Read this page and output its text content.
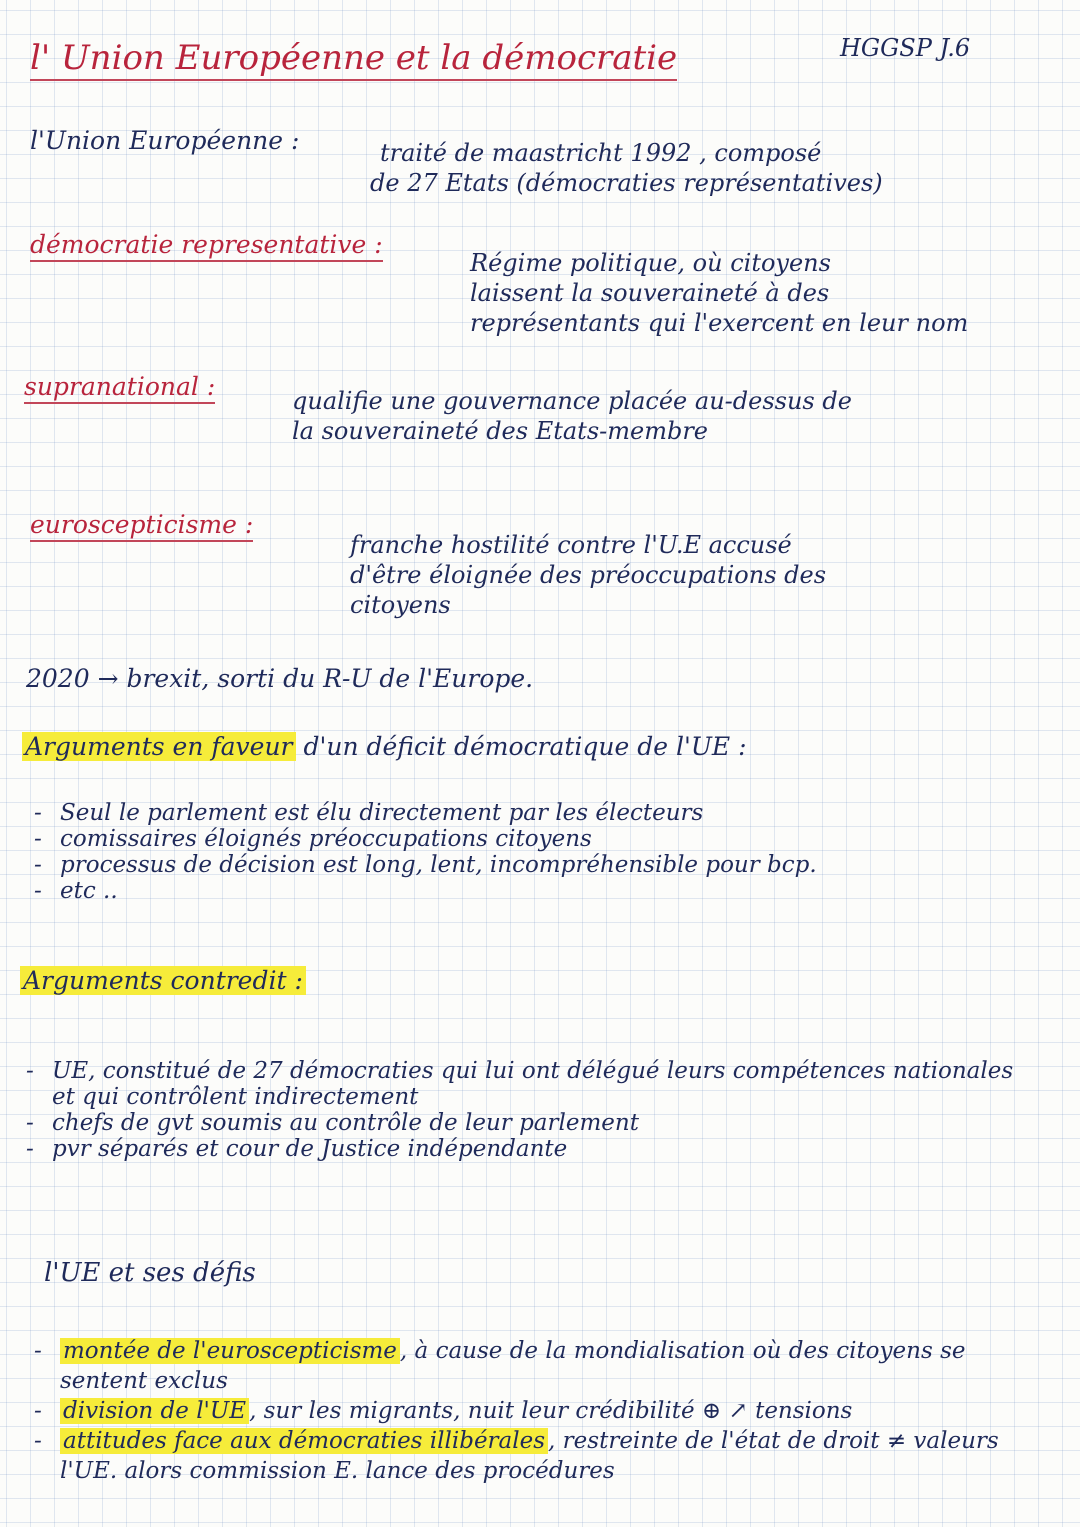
l' Union Européenne et la démocratie	HGGSP J.6
l'Union Européenne :	traité de maastricht 1992 , composé
de 27 Etats (démocraties représentatives)
démocratie representative :
Régime politique, où citoyens
laissent la souveraineté à des
représentants qui l'exercent en leur nom
supranational :	qualifie une gouvernance placée au-dessus de
la souveraineté des Etats-membre
euroscepticisme :
franche hostilité contre l'U.E accusé
d'être éloignée des préoccupations des
citoyens
2020 → brexit, sorti du R-U de l'Europe.
Arguments en faveur d'un déficit démocratique de l'UE :
- Seul le parlement est élu directement par les électeurs
- comissaires éloignés préoccupations citoyens
- processus de décision est long, lent, incompréhensible pour bcp.
- etc ..
Arguments contredit :
- UE, constitué de 27 démocraties qui lui ont délégué leurs compétences nationales et qui contrôlent indirectement
- chefs de gvt soumis au contrôle de leur parlement
- pvr séparés et cour de Justice indépendante
l'UE et ses défis
- montée de l'euroscepticisme , à cause de la mondialisation où des citoyens se sentent exclus
- division de l'UE , sur les migrants, nuit leur crédibilité ⊕ ↗ tensions
- attitudes face aux démocraties illibérales , restreinte de l'état de droit ≠ valeurs l'UE. alors commission E. lance des procédures
